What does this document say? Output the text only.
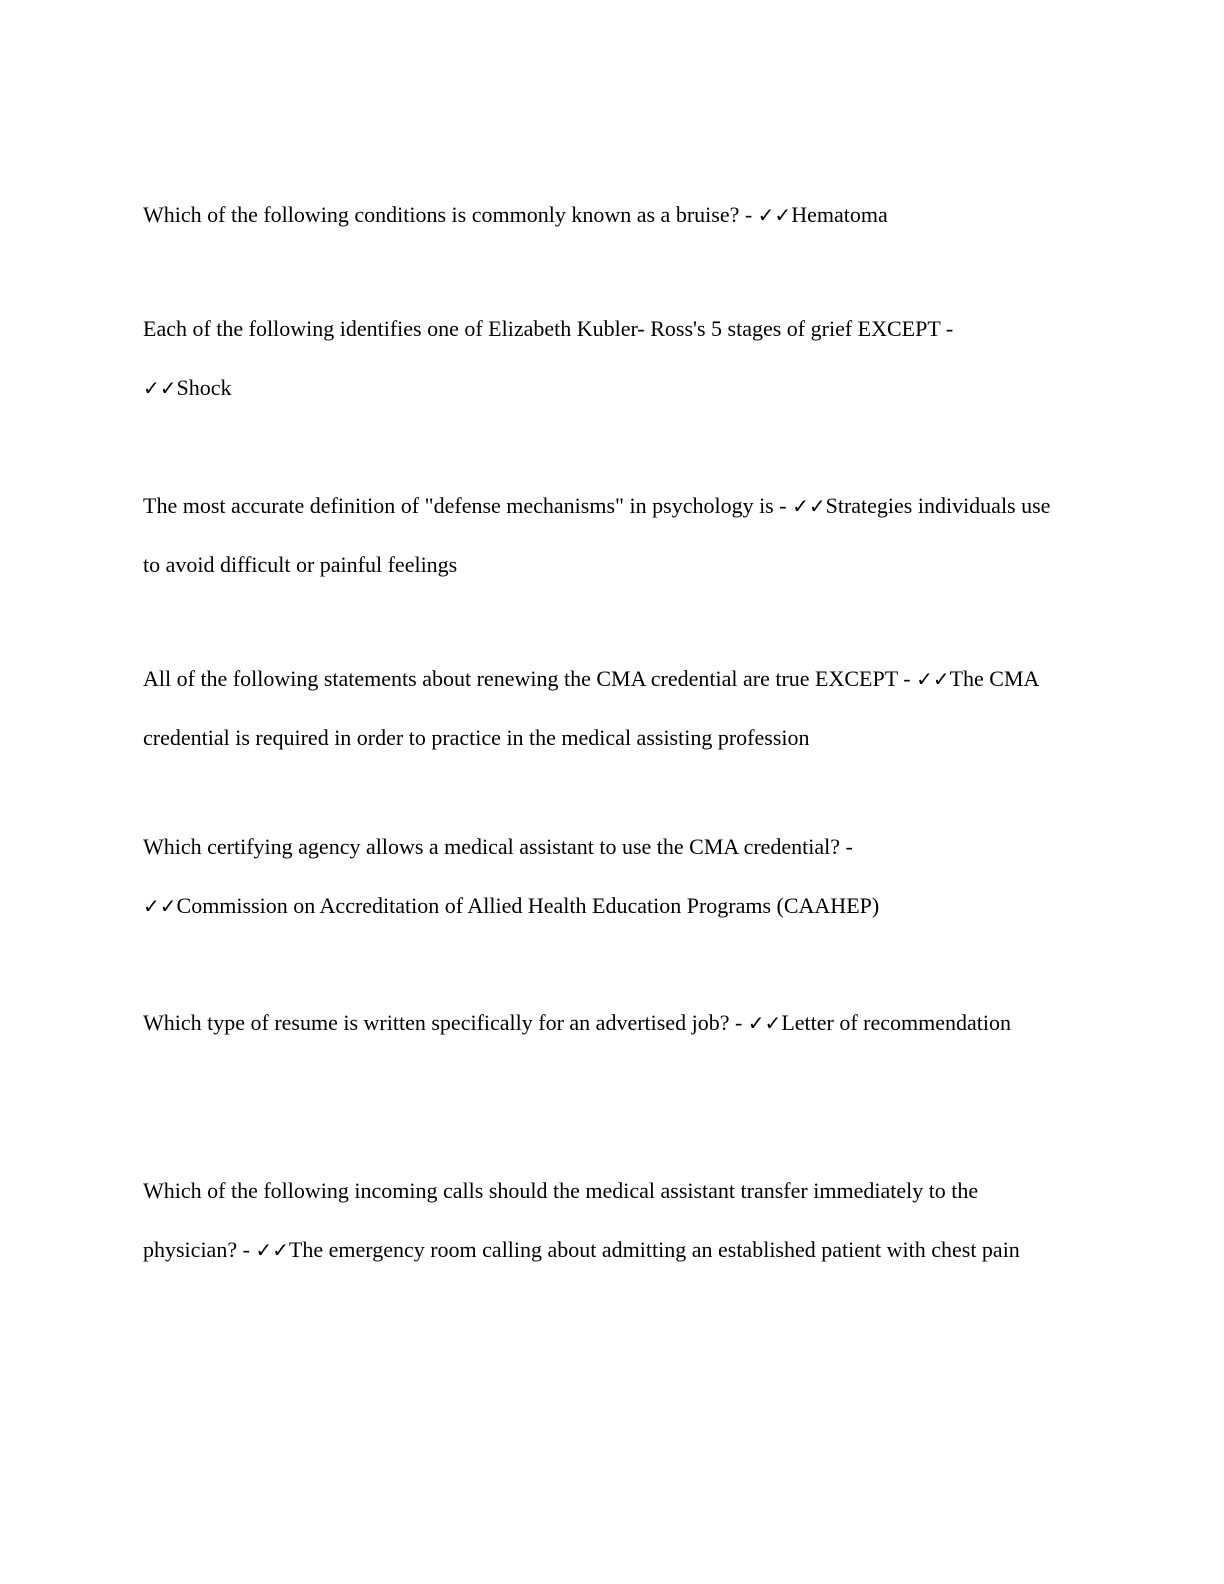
Which of the following conditions is commonly known as a bruise? - ✓✓Hematoma

Each of the following identifies one of Elizabeth Kubler- Ross's 5 stages of grief EXCEPT -
✓✓Shock

The most accurate definition of "defense mechanisms" in psychology is - ✓✓Strategies individuals use to avoid difficult or painful feelings

All of the following statements about renewing the CMA credential are true EXCEPT - ✓✓The CMA credential is required in order to practice in the medical assisting profession

Which certifying agency allows a medical assistant to use the CMA credential? -
✓✓Commission on Accreditation of Allied Health Education Programs (CAAHEP)

Which type of resume is written specifically for an advertised job? - ✓✓Letter of recommendation

Which of the following incoming calls should the medical assistant transfer immediately to the physician? - ✓✓The emergency room calling about admitting an established patient with chest pain
